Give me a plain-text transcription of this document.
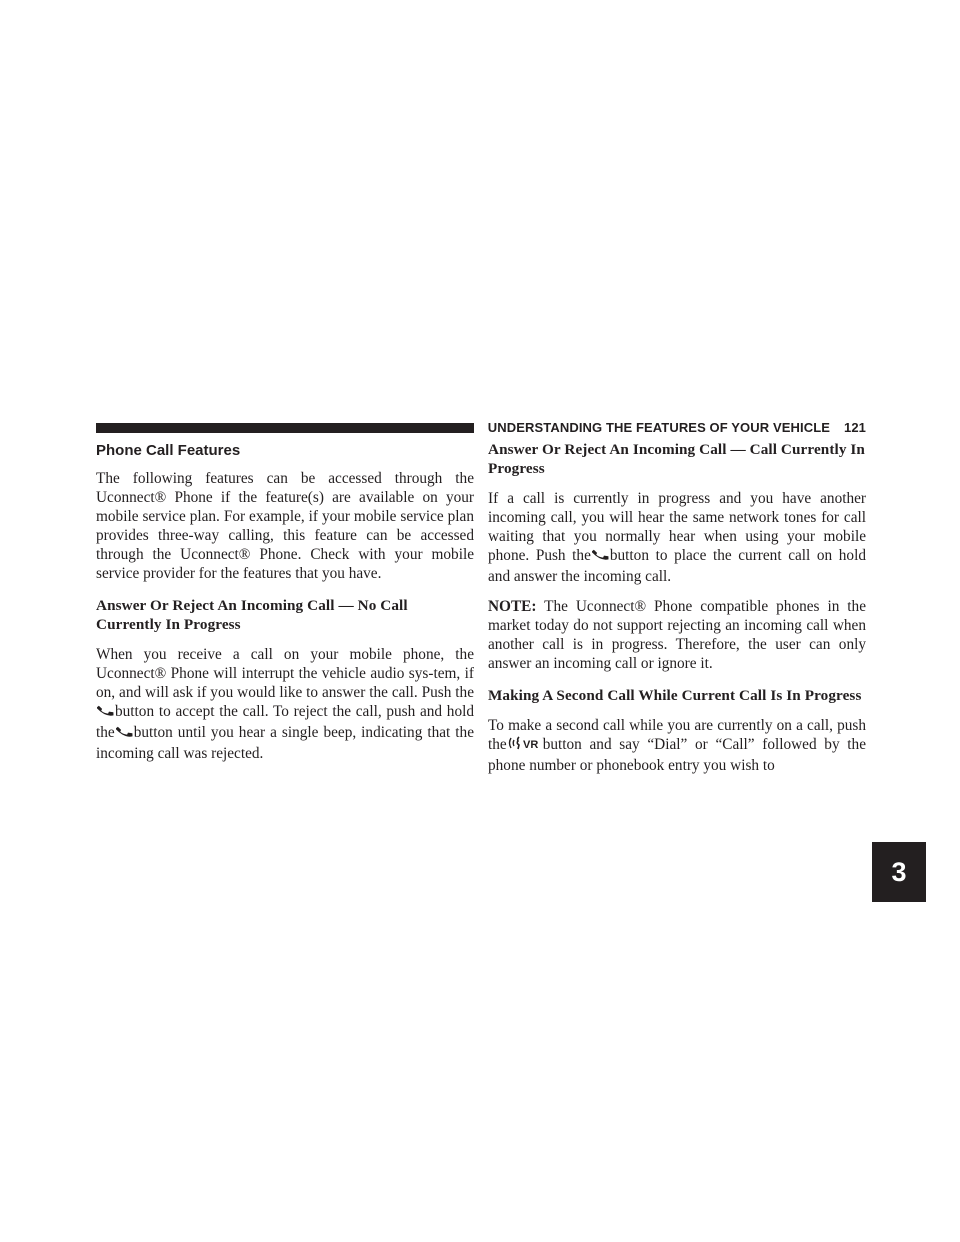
UNDERSTANDING THE FEATURES OF YOUR VEHICLE 121
3
Phone Call Features

The following features can be accessed through the Uconnect® Phone if the feature(s) are available on your mobile service plan. For example, if your mobile service plan provides three-way calling, this feature can be accessed through the Uconnect® Phone. Check with your mobile service provider for the features that you have.

Answer Or Reject An Incoming Call — No Call Currently In Progress

When you receive a call on your mobile phone, the Uconnect® Phone will interrupt the vehicle audio sys-tem, if on, and will ask if you would like to answer the call. Push thebutton to accept the call. To reject the call, push and hold the button until you hear a single beep, indicating that the incoming call was rejected.

Answer Or Reject An Incoming Call — Call Currently In Progress

If a call is currently in progress and you have another incoming call, you will hear the same network tones for call waiting that you normally hear when using your mobile phone. Push the button to place the current call on hold and answer the incoming call.

NOTE: The Uconnect® Phone compatible phones in the market today do not support rejecting an incoming call when another call is in progress. Therefore, the user can only answer an incoming call or ignore it.

Making A Second Call While Current Call Is In Progress

To make a second call while you are currently on a call, push the VR button and say “Dial” or “Call” followed by the phone number or phonebook entry you wish to
